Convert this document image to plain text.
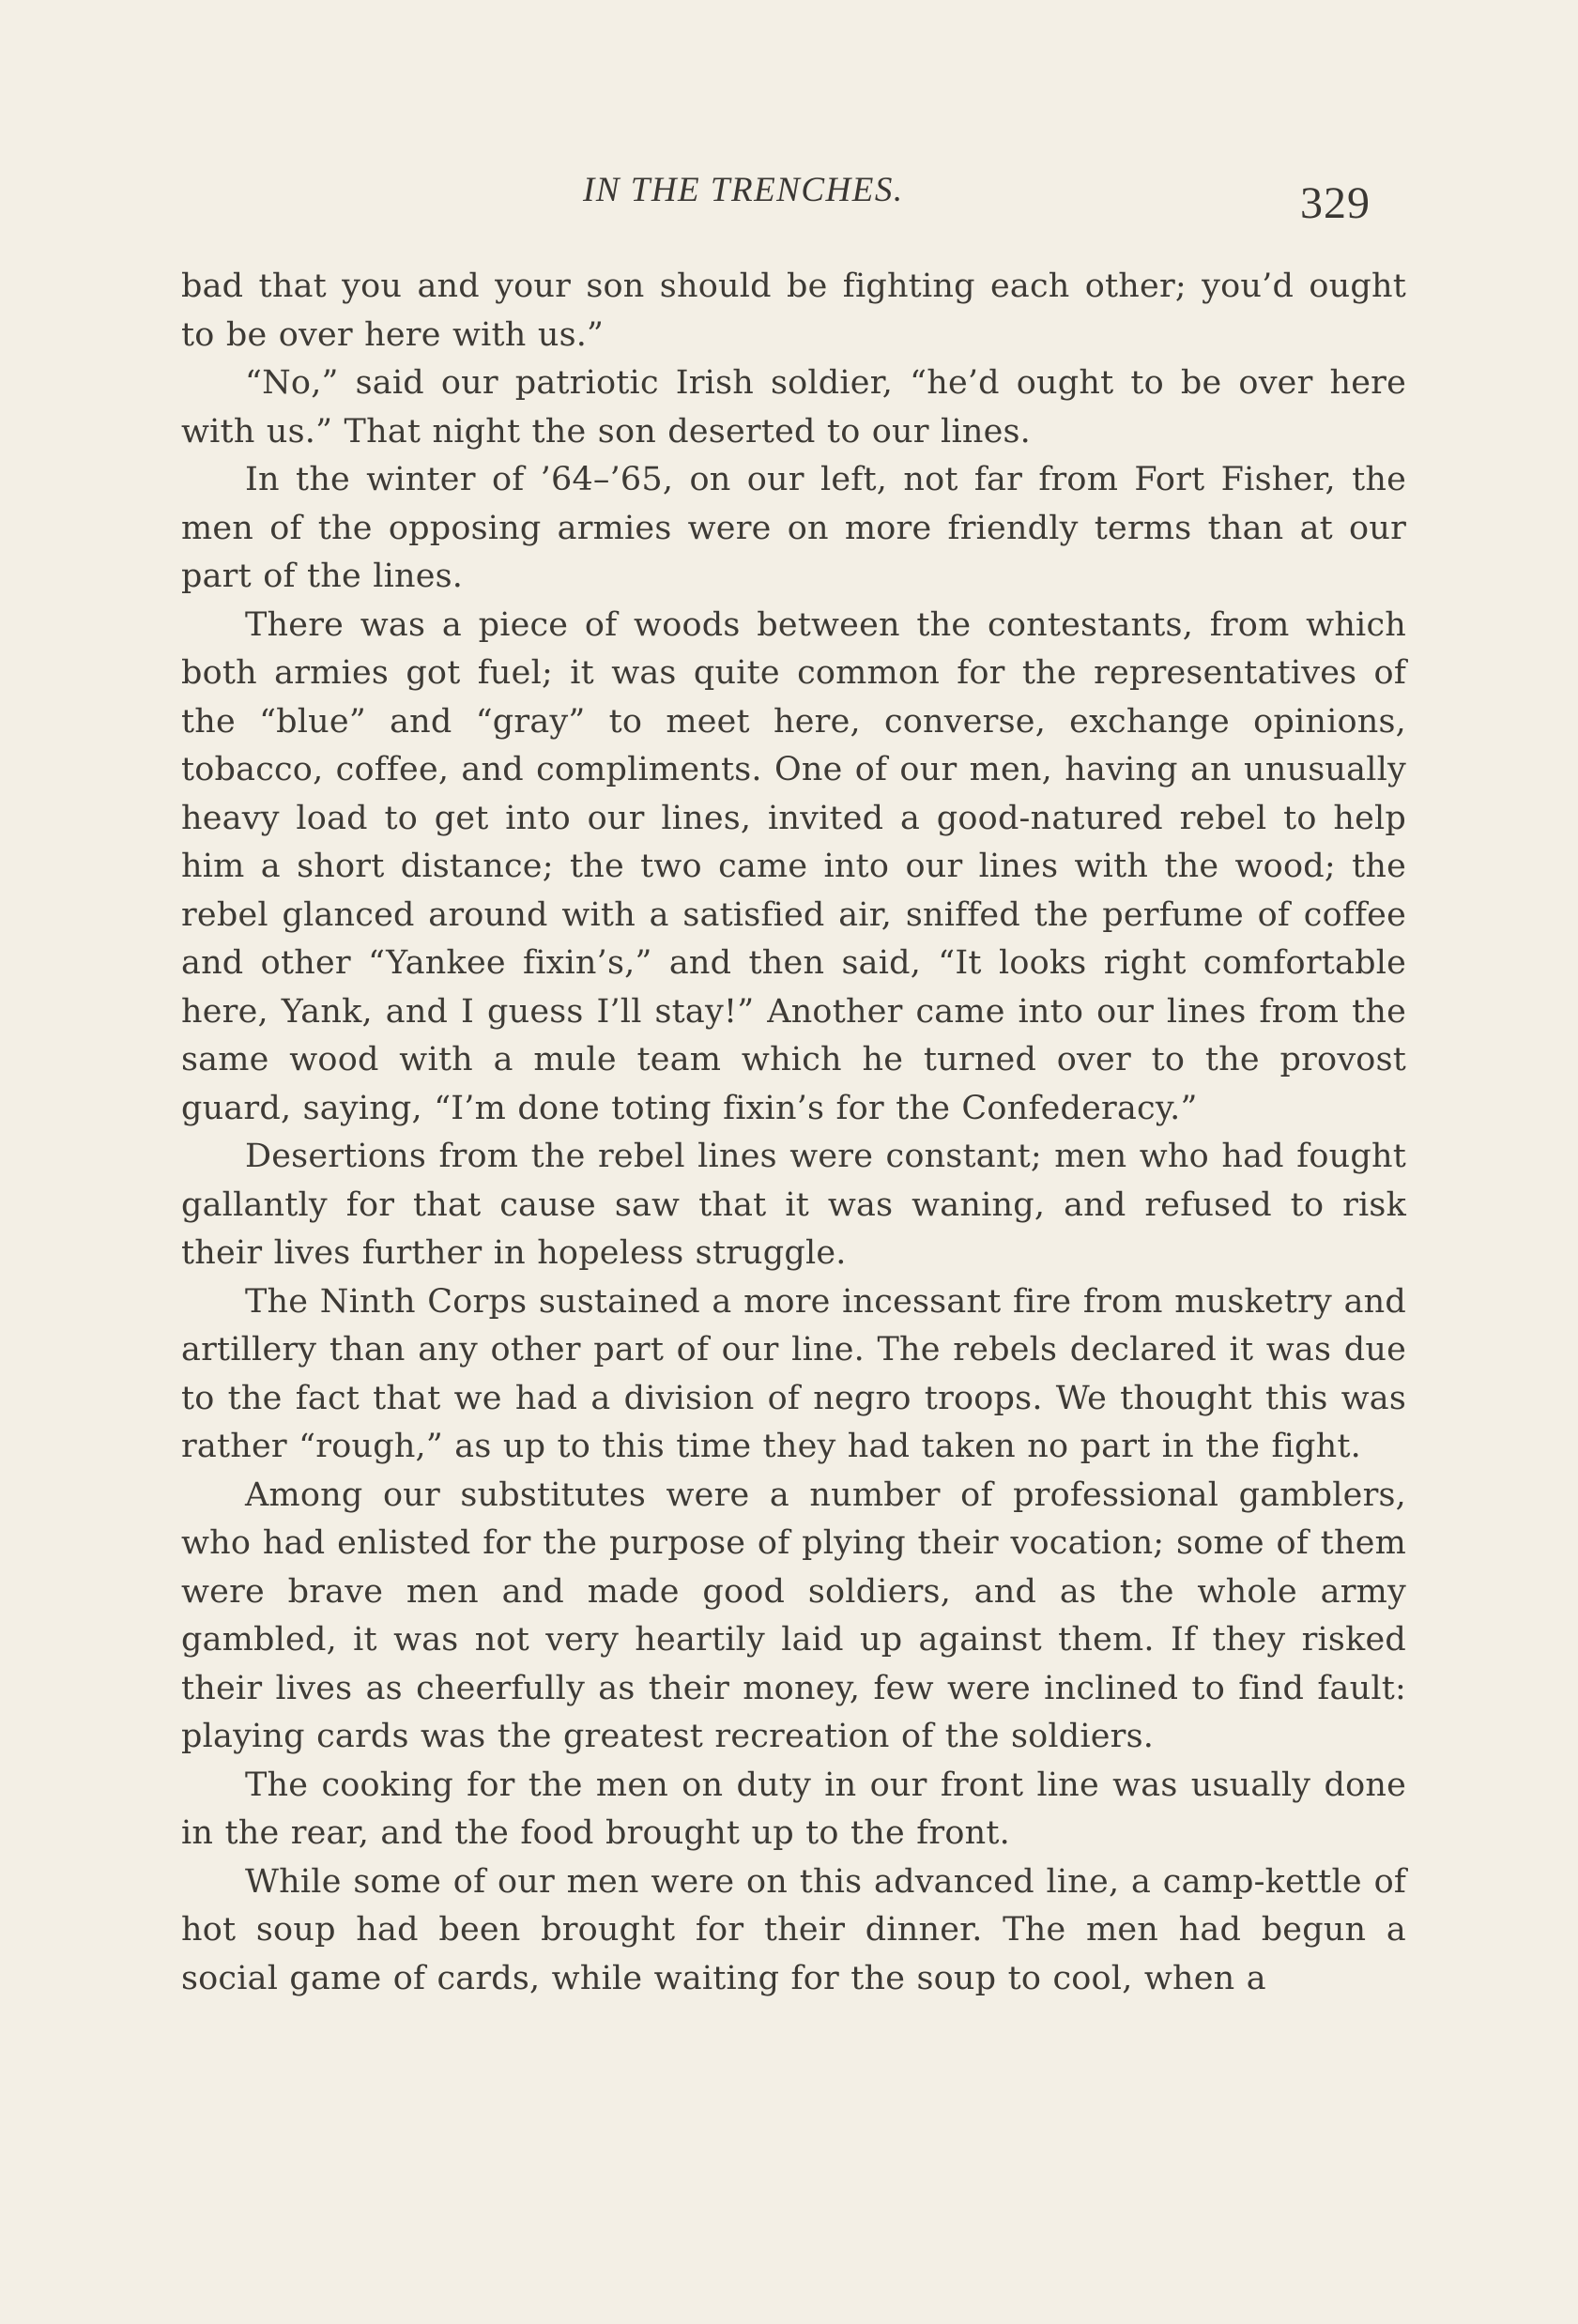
IN THE TRENCHES.	329

bad that you and your son should be fighting each other; you’d ought to be over here with us.”

“No,” said our patriotic Irish soldier, “he’d ought to be over here with us.” That night the son deserted to our lines.

In the winter of ’64–’65, on our left, not far from Fort Fisher, the men of the opposing armies were on more friendly terms than at our part of the lines.

There was a piece of woods between the contestants, from which both armies got fuel; it was quite common for the representatives of the “blue” and “gray” to meet here, converse, exchange opinions, tobacco, coffee, and compliments. One of our men, having an unusually heavy load to get into our lines, invited a good-natured rebel to help him a short distance; the two came into our lines with the wood; the rebel glanced around with a satisfied air, sniffed the perfume of coffee and other “Yankee fixin’s,” and then said, “It looks right comfortable here, Yank, and I guess I’ll stay!” Another came into our lines from the same wood with a mule team which he turned over to the provost guard, saying, “I’m done toting fixin’s for the Confederacy.”

Desertions from the rebel lines were constant; men who had fought gallantly for that cause saw that it was waning, and refused to risk their lives further in hopeless struggle.

The Ninth Corps sustained a more incessant fire from musketry and artillery than any other part of our line. The rebels declared it was due to the fact that we had a division of negro troops. We thought this was rather “rough,” as up to this time they had taken no part in the fight.

Among our substitutes were a number of professional gamblers, who had enlisted for the purpose of plying their vocation; some of them were brave men and made good soldiers, and as the whole army gambled, it was not very heartily laid up against them. If they risked their lives as cheerfully as their money, few were inclined to find fault: playing cards was the greatest recreation of the soldiers.

The cooking for the men on duty in our front line was usually done in the rear, and the food brought up to the front.

While some of our men were on this advanced line, a camp-kettle of hot soup had been brought for their dinner. The men had begun a social game of cards, while waiting for the soup to cool, when a
